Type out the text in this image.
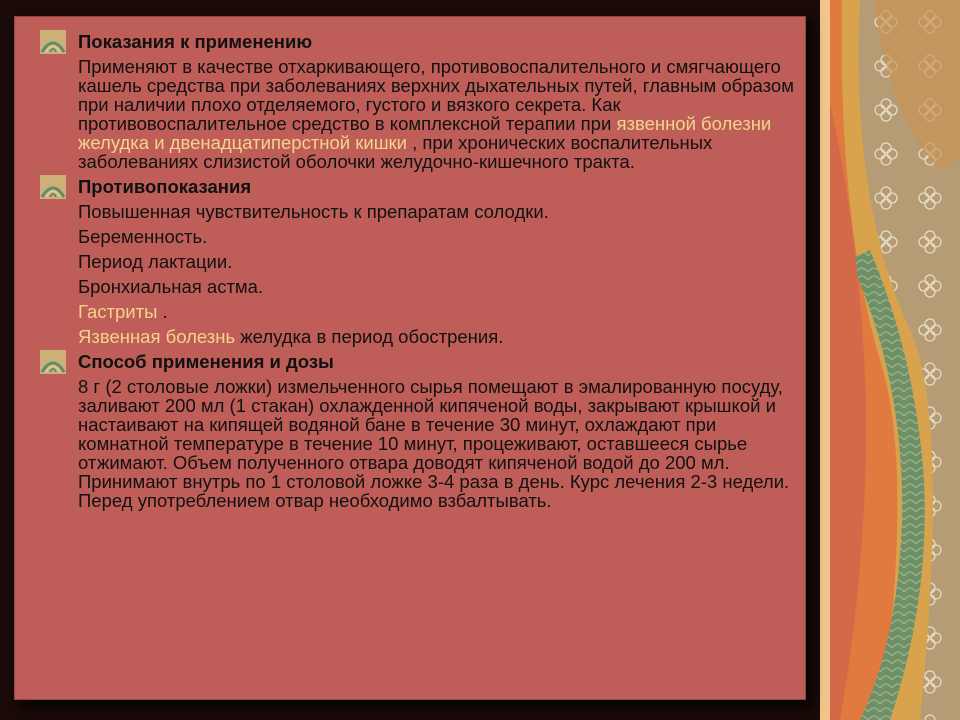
Показания к применению
Применяют в качестве отхаркивающего, противовоспалительного и смягчающего кашель средства при заболеваниях верхних дыхательных путей, главным образом при наличии плохо отделяемого, густого и вязкого секрета. Как противовоспалительное средство в комплексной терапии при язвенной болезни желудка и двенадцатиперстной кишки , при хронических воспалительных заболеваниях слизистой оболочки желудочно-кишечного тракта.
Противопоказания
Повышенная чувствительность к препаратам солодки.
Беременность.
Период лактации.
Бронхиальная астма.
Гастриты .
Язвенная болезнь желудка в период обострения.
Способ применения и дозы
8 г (2 столовые ложки) измельченного сырья помещают в эмалированную посуду, заливают 200 мл (1 стакан) охлажденной кипяченой воды, закрывают крышкой и настаивают на кипящей водяной бане в течение 30 минут, охлаждают при комнатной температуре в течение 10 минут, процеживают, оставшееся сырье отжимают. Объем полученного отвара доводят кипяченой водой до 200 мл. Принимают внутрь по 1 столовой ложке 3-4 раза в день. Курс лечения 2-3 недели. Перед употреблением отвар необходимо взбалтывать.
